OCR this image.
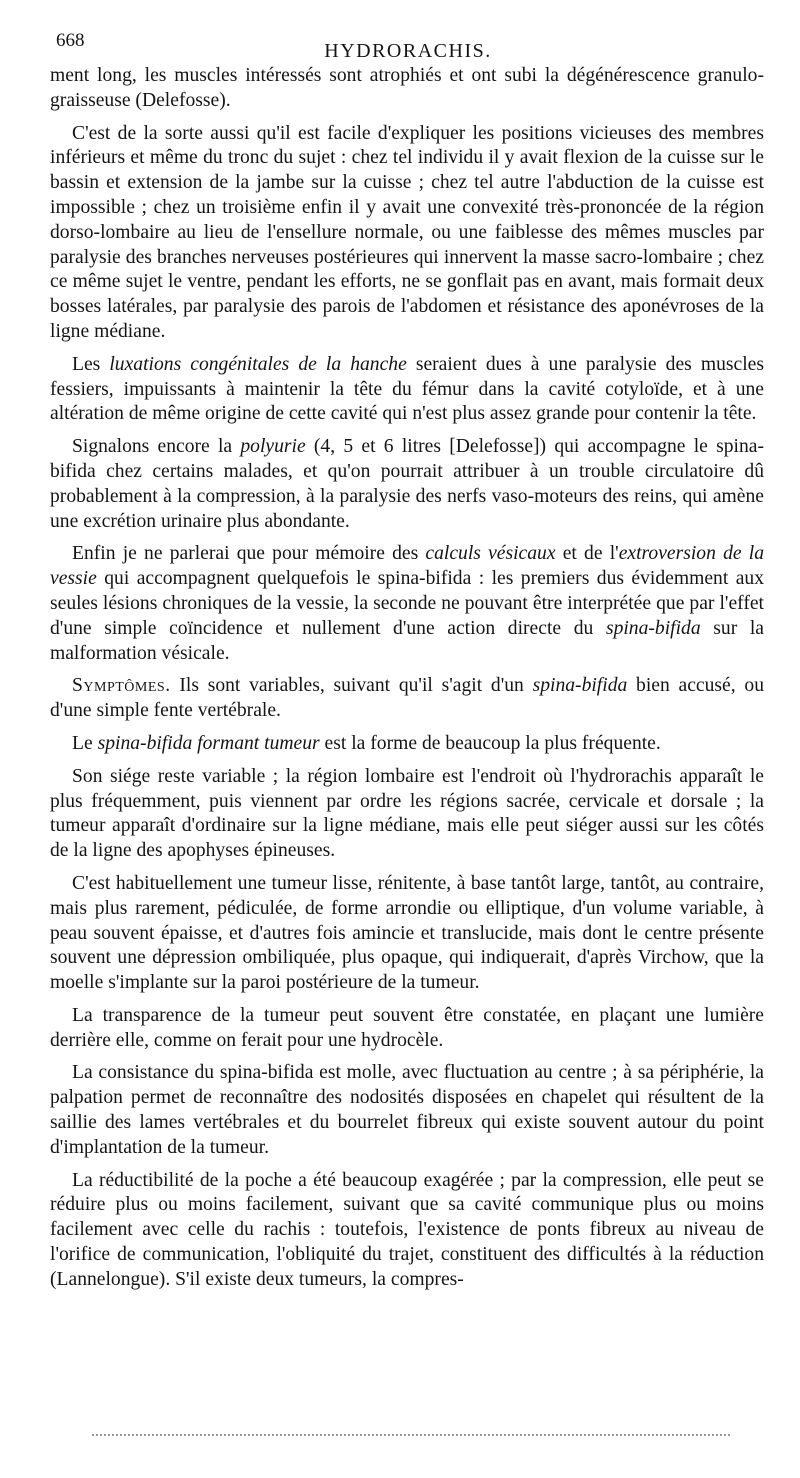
668	HYDRORACHIS.

ment long, les muscles intéressés sont atrophiés et ont subi la dégénérescence granulo-graisseuse (Delefosse).

C'est de la sorte aussi qu'il est facile d'expliquer les positions vicieuses des membres inférieurs et même du tronc du sujet : chez tel individu il y avait flexion de la cuisse sur le bassin et extension de la jambe sur la cuisse ; chez tel autre l'abduction de la cuisse est impossible ; chez un troisième enfin il y avait une convexité très-prononcée de la région dorso-lombaire au lieu de l'ensellure normale, ou une faiblesse des mêmes muscles par paralysie des branches nerveuses postérieures qui innervent la masse sacro-lombaire ; chez ce même sujet le ventre, pendant les efforts, ne se gonflait pas en avant, mais formait deux bosses latérales, par paralysie des parois de l'abdomen et résistance des aponévroses de la ligne médiane.

Les luxations congénitales de la hanche seraient dues à une paralysie des muscles fessiers, impuissants à maintenir la tête du fémur dans la cavité cotyloïde, et à une altération de même origine de cette cavité qui n'est plus assez grande pour contenir la tête.

Signalons encore la polyurie (4, 5 et 6 litres [Delefosse]) qui accompagne le spina-bifida chez certains malades, et qu'on pourrait attribuer à un trouble circulatoire dû probablement à la compression, à la paralysie des nerfs vaso-moteurs des reins, qui amène une excrétion urinaire plus abondante.

Enfin je ne parlerai que pour mémoire des calculs vésicaux et de l'extroversion de la vessie qui accompagnent quelquefois le spina-bifida : les premiers dus évidemment aux seules lésions chroniques de la vessie, la seconde ne pouvant être interprétée que par l'effet d'une simple coïncidence et nullement d'une action directe du spina-bifida sur la malformation vésicale.

Symptômes. Ils sont variables, suivant qu'il s'agit d'un spina-bifida bien accusé, ou d'une simple fente vertébrale.

Le spina-bifida formant tumeur est la forme de beaucoup la plus fréquente.

Son siége reste variable ; la région lombaire est l'endroit où l'hydrorachis apparaît le plus fréquemment, puis viennent par ordre les régions sacrée, cervicale et dorsale ; la tumeur apparaît d'ordinaire sur la ligne médiane, mais elle peut siéger aussi sur les côtés de la ligne des apophyses épineuses.

C'est habituellement une tumeur lisse, rénitente, à base tantôt large, tantôt, au contraire, mais plus rarement, pédiculée, de forme arrondie ou elliptique, d'un volume variable, à peau souvent épaisse, et d'autres fois amincie et translucide, mais dont le centre présente souvent une dépression ombiliquée, plus opaque, qui indiquerait, d'après Virchow, que la moelle s'implante sur la paroi postérieure de la tumeur.

La transparence de la tumeur peut souvent être constatée, en plaçant une lumière derrière elle, comme on ferait pour une hydrocèle.

La consistance du spina-bifida est molle, avec fluctuation au centre ; à sa périphérie, la palpation permet de reconnaître des nodosités disposées en chapelet qui résultent de la saillie des lames vertébrales et du bourrelet fibreux qui existe souvent autour du point d'implantation de la tumeur.

La réductibilité de la poche a été beaucoup exagérée ; par la compression, elle peut se réduire plus ou moins facilement, suivant que sa cavité communique plus ou moins facilement avec celle du rachis : toutefois, l'existence de ponts fibreux au niveau de l'orifice de communication, l'obliquité du trajet, constituent des difficultés à la réduction (Lannelongue). S'il existe deux tumeurs, la compres-
